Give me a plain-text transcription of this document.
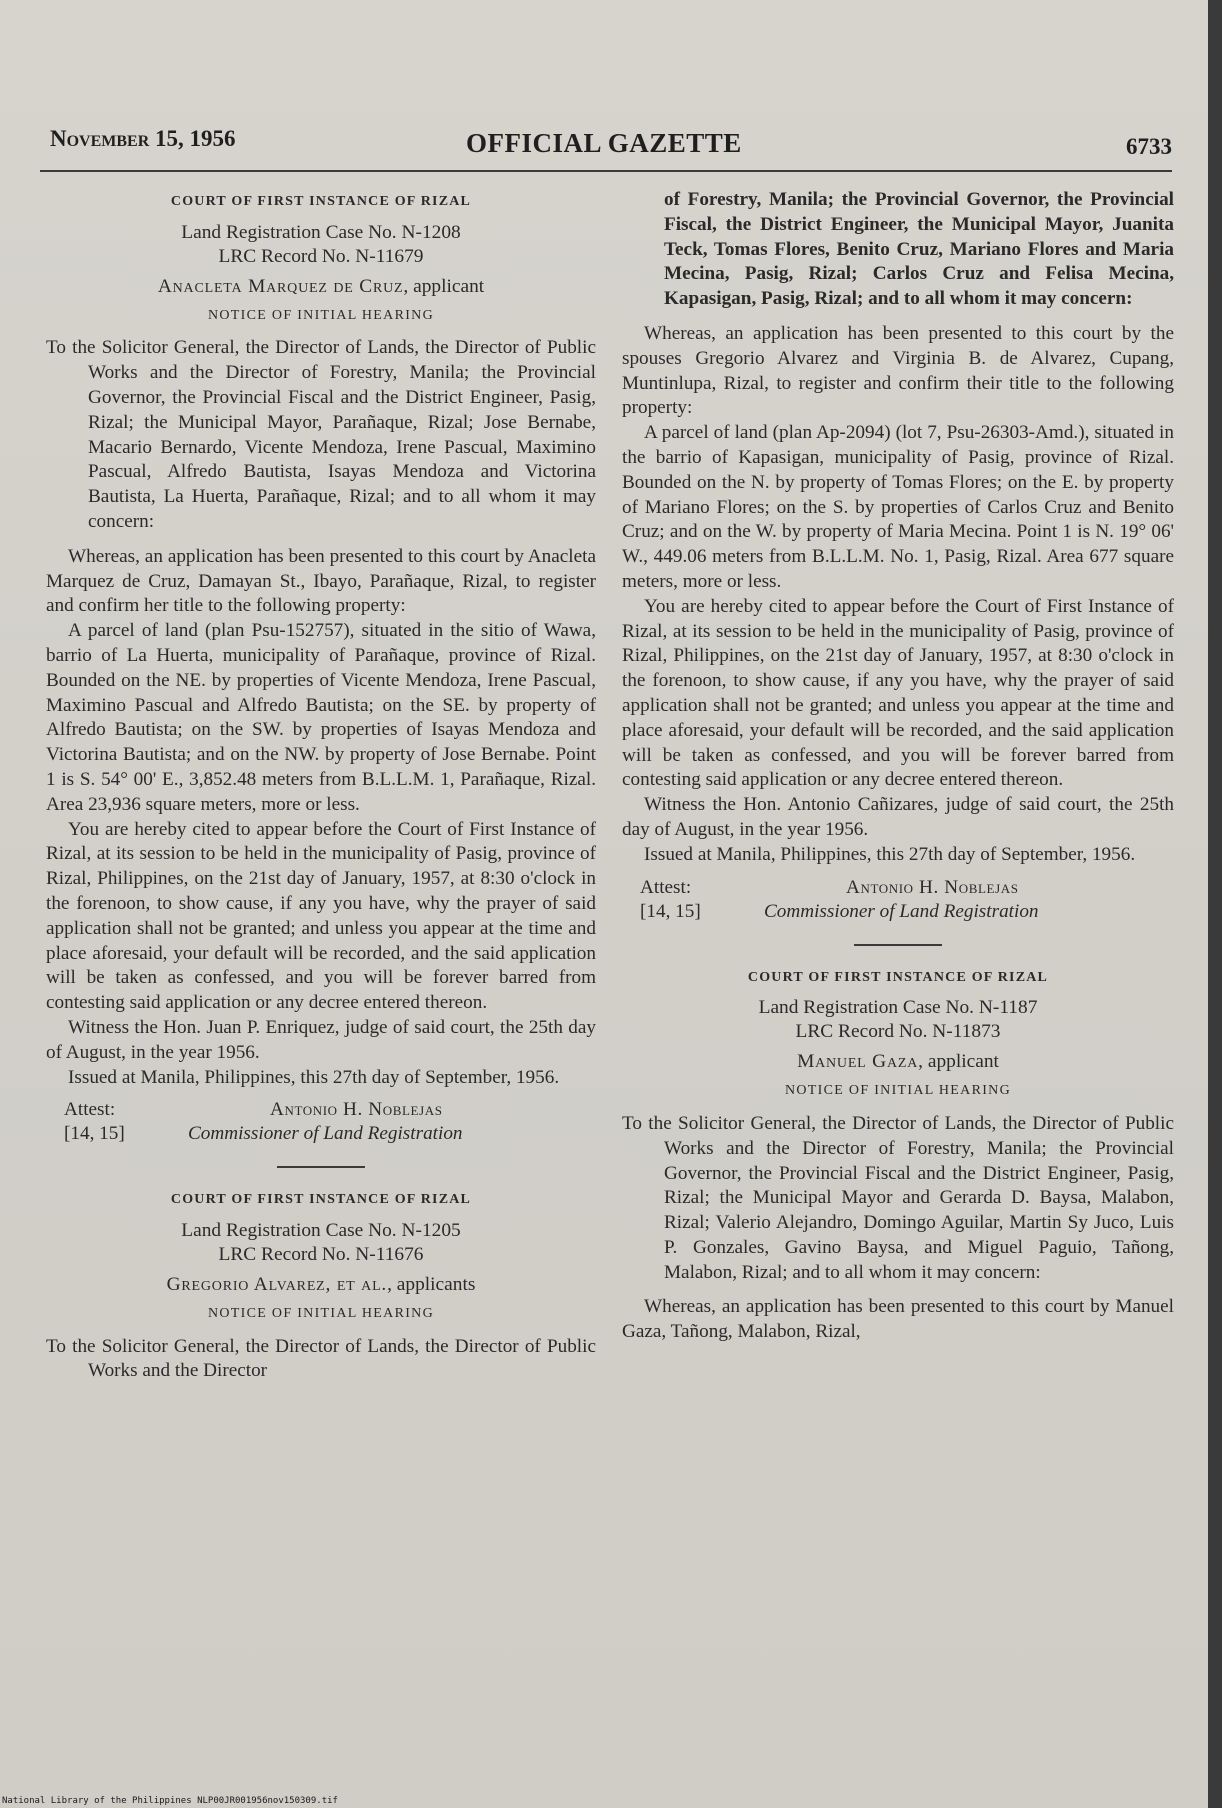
November 15, 1956	OFFICIAL GAZETTE	6733
COURT OF FIRST INSTANCE OF RIZAL
Land Registration Case No. N-1208
LRC Record No. N-11679
Anacleta Marquez de Cruz, applicant
NOTICE OF INITIAL HEARING

To the Solicitor General, the Director of Lands, the Director of Public Works and the Director of Forestry, Manila; the Provincial Governor, the Provincial Fiscal and the District Engineer, Pasig, Rizal; the Municipal Mayor, Parañaque, Rizal; Jose Bernabe, Macario Bernardo, Vicente Mendoza, Irene Pascual, Maximino Pascual, Alfredo Bautista, Isayas Mendoza and Victorina Bautista, La Huerta, Parañaque, Rizal; and to all whom it may concern:

Whereas, an application has been presented to this court by Anacleta Marquez de Cruz, Damayan St., Ibayo, Parañaque, Rizal, to register and confirm her title to the following property:

A parcel of land (plan Psu-152757), situated in the sitio of Wawa, barrio of La Huerta, municipality of Parañaque, province of Rizal. Bounded on the NE. by properties of Vicente Mendoza, Irene Pascual, Maximino Pascual and Alfredo Bautista; on the SE. by property of Alfredo Bautista; on the SW. by properties of Isayas Mendoza and Victorina Bautista; and on the NW. by property of Jose Bernabe. Point 1 is S. 54° 00' E., 3,852.48 meters from B.L.L.M. 1, Parañaque, Rizal. Area 23,936 square meters, more or less.

You are hereby cited to appear before the Court of First Instance of Rizal, at its session to be held in the municipality of Pasig, province of Rizal, Philippines, on the 21st day of January, 1957, at 8:30 o'clock in the forenoon, to show cause, if any you have, why the prayer of said application shall not be granted; and unless you appear at the time and place aforesaid, your default will be recorded, and the said application will be taken as confessed, and you will be forever barred from contesting said application or any decree entered thereon.

Witness the Hon. Juan P. Enriquez, judge of said court, the 25th day of August, in the year 1956.

Issued at Manila, Philippines, this 27th day of September, 1956.

Attest:
[14, 15]
Antonio H. Noblejas
Commissioner of Land Registration
COURT OF FIRST INSTANCE OF RIZAL
Land Registration Case No. N-1205
LRC Record No. N-11676
Gregorio Alvarez, et al., applicants
NOTICE OF INITIAL HEARING

To the Solicitor General, the Director of Lands, the Director of Public Works and the Director

of Forestry, Manila; the Provincial Governor, the Provincial Fiscal, the District Engineer, the Municipal Mayor, Juanita Teck, Tomas Flores, Benito Cruz, Mariano Flores and Maria Mecina, Pasig, Rizal; Carlos Cruz and Felisa Mecina, Kapasigan, Pasig, Rizal; and to all whom it may concern:

Whereas, an application has been presented to this court by the spouses Gregorio Alvarez and Virginia B. de Alvarez, Cupang, Muntinlupa, Rizal, to register and confirm their title to the following property:

A parcel of land (plan Ap-2094) (lot 7, Psu-26303-Amd.), situated in the barrio of Kapasigan, municipality of Pasig, province of Rizal. Bounded on the N. by property of Tomas Flores; on the E. by property of Mariano Flores; on the S. by properties of Carlos Cruz and Benito Cruz; and on the W. by property of Maria Mecina. Point 1 is N. 19° 06' W., 449.06 meters from B.L.L.M. No. 1, Pasig, Rizal. Area 677 square meters, more or less.

You are hereby cited to appear before the Court of First Instance of Rizal, at its session to be held in the municipality of Pasig, province of Rizal, Philippines, on the 21st day of January, 1957, at 8:30 o'clock in the forenoon, to show cause, if any you have, why the prayer of said application shall not be granted; and unless you appear at the time and place aforesaid, your default will be recorded, and the said application will be taken as confessed, and you will be forever barred from contesting said application or any decree entered thereon.

Witness the Hon. Antonio Cañizares, judge of said court, the 25th day of August, in the year 1956.

Issued at Manila, Philippines, this 27th day of September, 1956.

Attest:
[14, 15]
Antonio H. Noblejas
Commissioner of Land Registration
COURT OF FIRST INSTANCE OF RIZAL
Land Registration Case No. N-1187
LRC Record No. N-11873
Manuel Gaza, applicant
NOTICE OF INITIAL HEARING

To the Solicitor General, the Director of Lands, the Director of Public Works and the Director of Forestry, Manila; the Provincial Governor, the Provincial Fiscal and the District Engineer, Pasig, Rizal; the Municipal Mayor and Gerarda D. Baysa, Malabon, Rizal; Valerio Alejandro, Domingo Aguilar, Martin Sy Juco, Luis P. Gonzales, Gavino Baysa, and Miguel Paguio, Tañong, Malabon, Rizal; and to all whom it may concern:

Whereas, an application has been presented to this court by Manuel Gaza, Tañong, Malabon, Rizal,

National Library of the Philippines NLP00JR001956nov150309.tif
